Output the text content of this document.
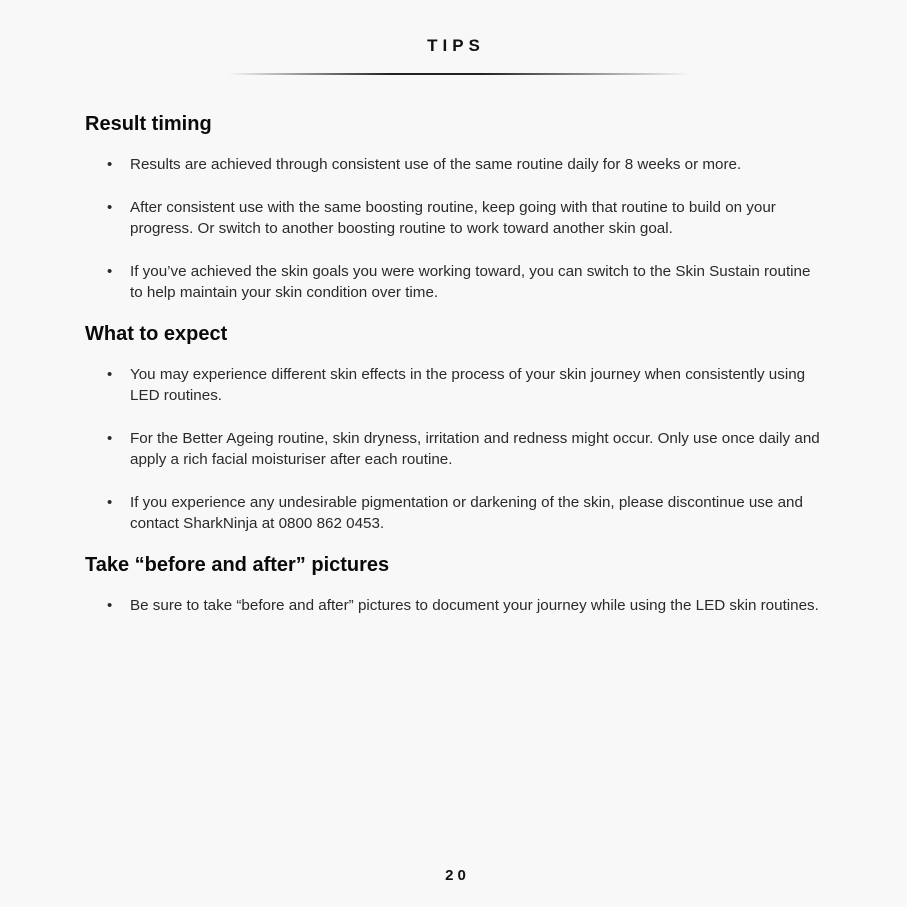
TIPS
Result timing
• Results are achieved through consistent use of the same routine daily for 8 weeks or more.
• After consistent use with the same boosting routine, keep going with that routine to build on your progress. Or switch to another boosting routine to work toward another skin goal.
• If you’ve achieved the skin goals you were working toward, you can switch to the Skin Sustain routine to help maintain your skin condition over time.
What to expect
• You may experience different skin effects in the process of your skin journey when consistently using LED routines.
• For the Better Ageing routine, skin dryness, irritation and redness might occur. Only use once daily and apply a rich facial moisturiser after each routine.
• If you experience any undesirable pigmentation or darkening of the skin, please discontinue use and contact SharkNinja at 0800 862 0453.
Take “before and after” pictures
• Be sure to take “before and after” pictures to document your journey while using the LED skin routines.
20
